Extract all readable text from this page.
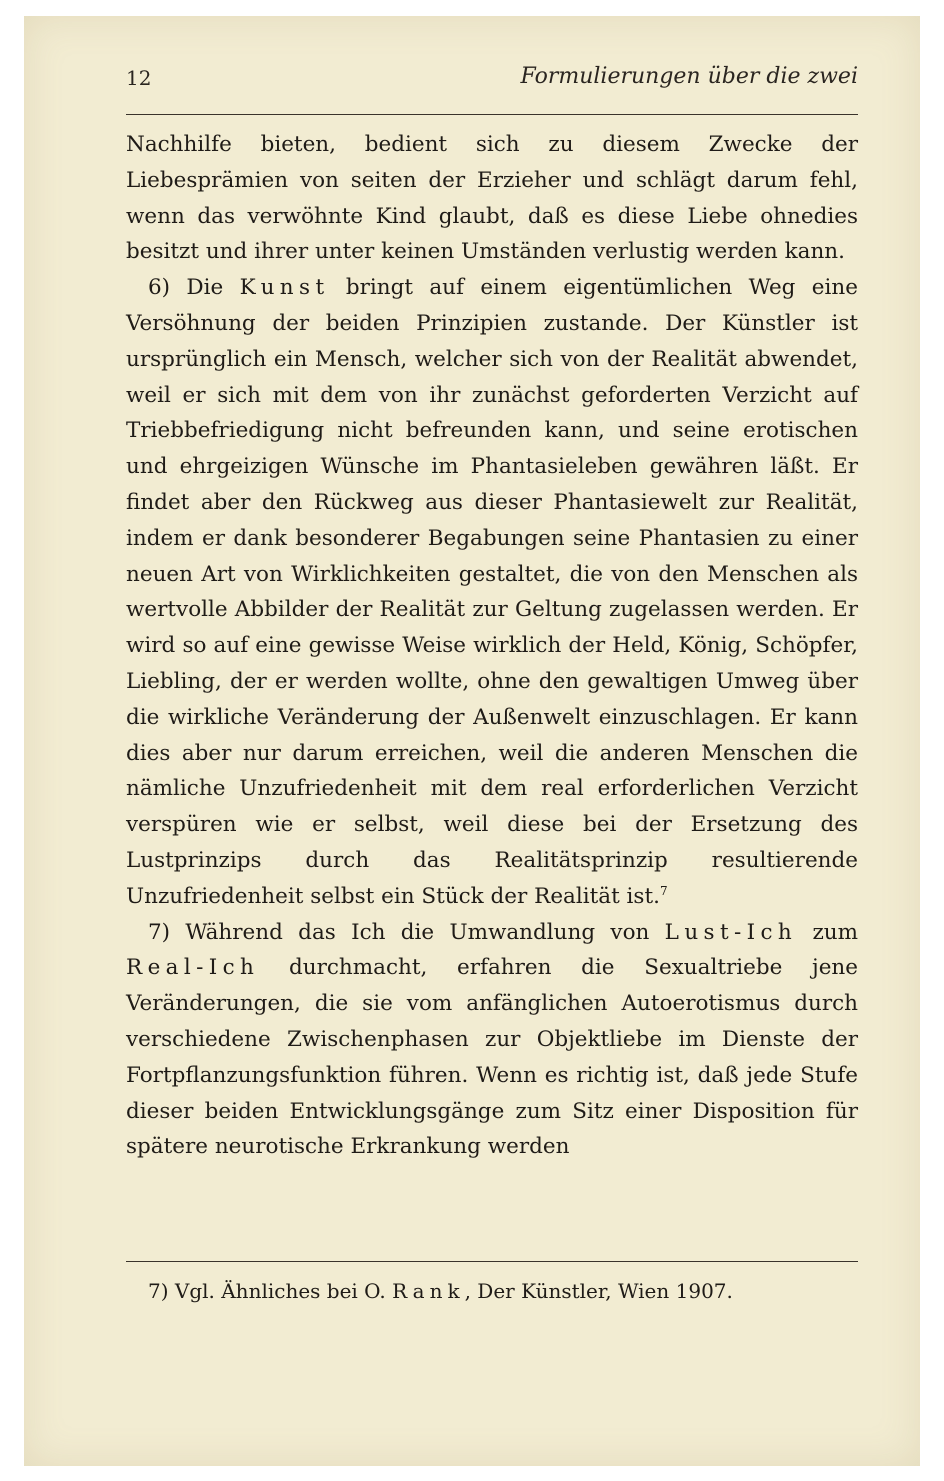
12	Formulierungen über die zwei

Nachhilfe bieten, bedient sich zu diesem Zwecke der Liebesprämien von seiten der Erzieher und schlägt darum fehl, wenn das verwöhnte Kind glaubt, daß es diese Liebe ohnedies besitzt und ihrer unter keinen Umständen verlustig werden kann.

6) Die Kunst bringt auf einem eigentümlichen Weg eine Versöhnung der beiden Prinzipien zustande. Der Künstler ist ursprünglich ein Mensch, welcher sich von der Realität abwendet, weil er sich mit dem von ihr zunächst geforderten Verzicht auf Triebbefriedigung nicht befreunden kann, und seine erotischen und ehrgeizigen Wünsche im Phantasieleben gewähren läßt. Er findet aber den Rückweg aus dieser Phantasiewelt zur Realität, indem er dank besonderer Begabungen seine Phantasien zu einer neuen Art von Wirklichkeiten gestaltet, die von den Menschen als wertvolle Abbilder der Realität zur Geltung zugelassen werden. Er wird so auf eine gewisse Weise wirklich der Held, König, Schöpfer, Liebling, der er werden wollte, ohne den gewaltigen Umweg über die wirkliche Veränderung der Außenwelt einzuschlagen. Er kann dies aber nur darum erreichen, weil die anderen Menschen die nämliche Unzufriedenheit mit dem real erforderlichen Verzicht verspüren wie er selbst, weil diese bei der Ersetzung des Lustprinzips durch das Realitätsprinzip resultierende Unzufriedenheit selbst ein Stück der Realität ist.$^7$

7) Während das Ich die Umwandlung von Lust-Ich zum Real-Ich durchmacht, erfahren die Sexualtriebe jene Veränderungen, die sie vom anfänglichen Autoerotismus durch verschiedene Zwischenphasen zur Objektliebe im Dienste der Fortpflanzungsfunktion führen. Wenn es richtig ist, daß jede Stufe dieser beiden Entwicklungsgänge zum Sitz einer Disposition für spätere neurotische Erkrankung werden

7) Vgl. Ähnliches bei O. Rank, Der Künstler, Wien 1907.
